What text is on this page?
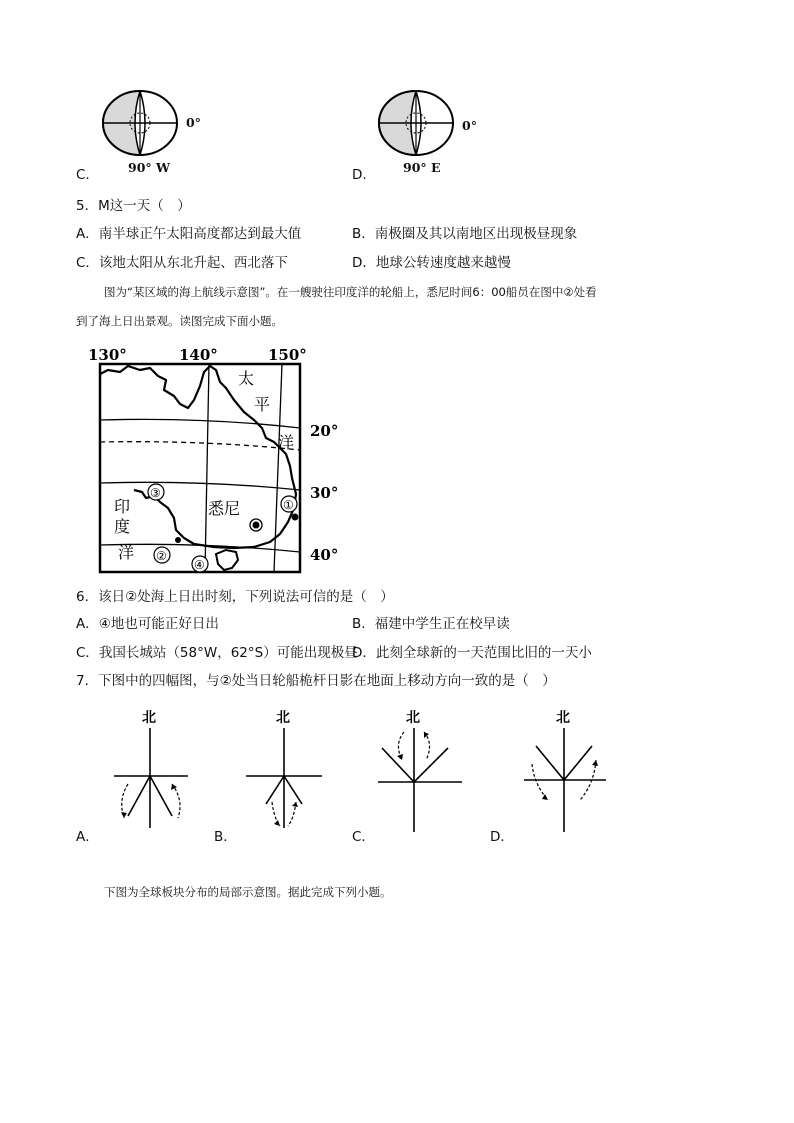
0°
90° W
C.
0°
90° E
D.
5．M这一天（　）
A．南半球正午太阳高度都达到最大值	B．南极圈及其以南地区出现极昼现象
C．该地太阳从东北升起、西北落下	D．地球公转速度越来越慢
图为“某区域的海上航线示意图”。在一艘驶往印度洋的轮船上，悉尼时间6：00船员在图中②处看
到了海上日出景观。读图完成下面小题。
130°	140°	150°
20°
30°
40°
太
平
洋
印
度
洋
悉尼	①
②
③
④
6．该日②处海上日出时刻，下列说法可信的是（　）
A．④地也可能正好日出	B．福建中学生正在校早读
C．我国长城站（58°W，62°S）可能出现极昼
D．此刻全球新的一天范围比旧的一天小
7．下图中的四幅图，与②处当日轮船桅杆日影在地面上移动方向一致的是（　）
北
A．
北
B．
北
C．
北
D．
下图为全球板块分布的局部示意图。据此完成下列小题。
